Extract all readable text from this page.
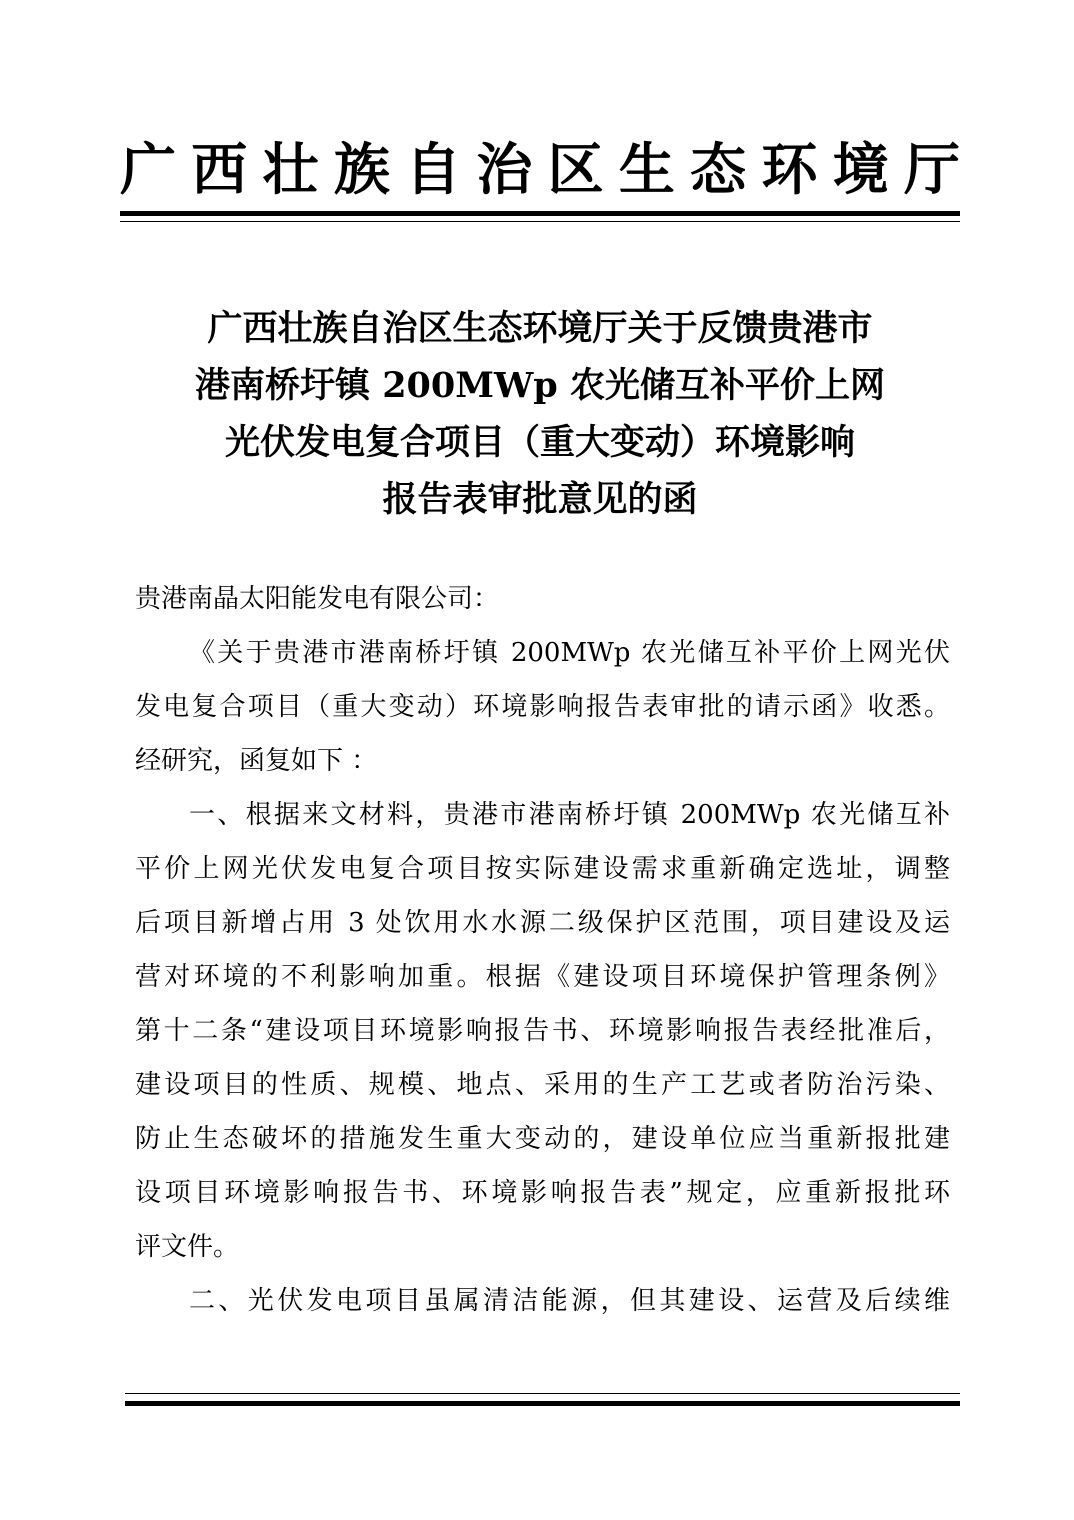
广西壮族自治区生态环境厅
广西壮族自治区生态环境厅关于反馈贵港市
港南桥圩镇 200MWp 农光储互补平价上网
光伏发电复合项目（重大变动）环境影响
报告表审批意见的函
贵港南晶太阳能发电有限公司：
《关于贵港市港南桥圩镇 200MWp 农光储互补平价上网光伏
发电复合项目（重大变动）环境影响报告表审批的请示函》收悉。
经研究，函复如下 ：
一、根据来文材料，贵港市港南桥圩镇 200MWp 农光储互补
平价上网光伏发电复合项目按实际建设需求重新确定选址，调整
后项目新增占用 3 处饮用水水源二级保护区范围，项目建设及运
营对环境的不利影响加重。根据《建设项目环境保护管理条例》
第十二条“建设项目环境影响报告书、环境影响报告表经批准后，
建设项目的性质、规模、地点、采用的生产工艺或者防治污染、
防止生态破坏的措施发生重大变动的，建设单位应当重新报批建
设项目环境影响报告书、环境影响报告表”规定，应重新报批环
评文件。
二、光伏发电项目虽属清洁能源，但其建设、运营及后续维
